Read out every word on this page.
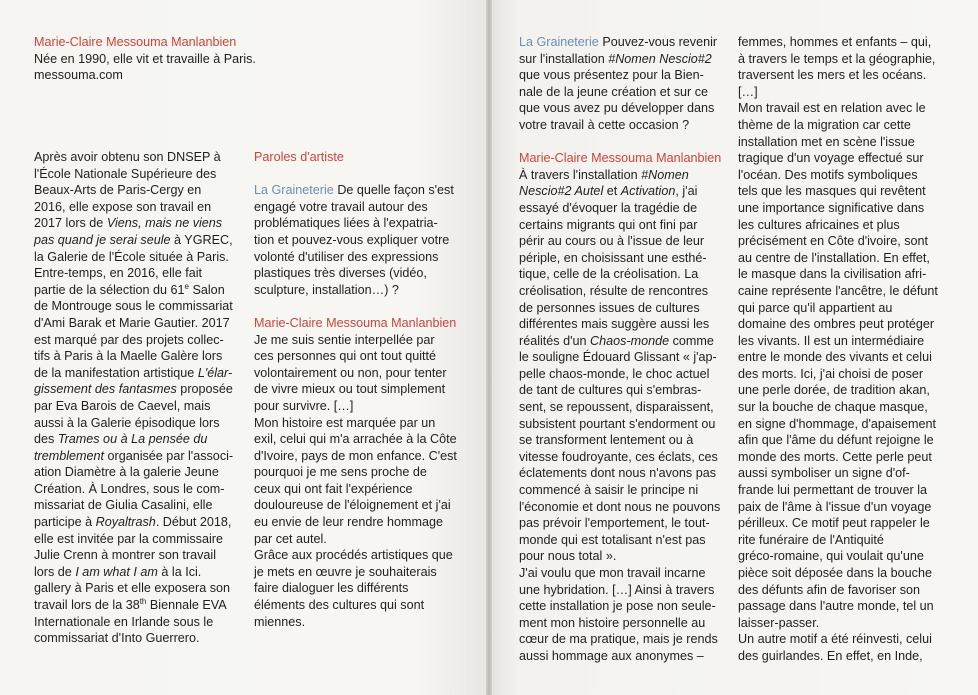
Marie-Claire Messouma Manlanbien

Née en 1990, elle vit et travaille à Paris.

messouma.com

Après avoir obtenu son DNSEP à
l'École Nationale Supérieure des
Beaux-Arts de Paris-Cergy en
2016, elle expose son travail en
2017 lors de Viens, mais ne viens
pas quand je serai seule à YGREC,
la Galerie de l'École située à Paris.
Entre-temps, en 2016, elle fait
partie de la sélection du 61e Salon
de Montrouge sous le commissariat
d'Ami Barak et Marie Gautier. 2017
est marqué par des projets collec-
tifs à Paris à la Maelle Galère lors
de la manifestation artistique L'élar-
gissement des fantasmes proposée
par Eva Barois de Caevel, mais
aussi à la Galerie épisodique lors
des Trames ou à La pensée du
tremblement organisée par l'associ-
ation Diamètre à la galerie Jeune
Création. À Londres, sous le com-
missariat de Giulia Casalini, elle
participe à Royaltrash. Début 2018,
elle est invitée par la commissaire
Julie Crenn à montrer son travail
lors de I am what I am à la Ici.
gallery à Paris et elle exposera son
travail lors de la 38th Biennale EVA
Internationale en Irlande sous le
commissariat d'Into Guerrero.

Paroles d'artiste

La Graineterie De quelle façon s'est
engagé votre travail autour des
problématiques liées à l'expatria-
tion et pouvez-vous expliquer votre
volonté d'utiliser des expressions
plastiques très diverses (vidéo,
sculpture, installation…) ?

Marie-Claire Messouma Manlanbien

Je me suis sentie interpellée par
ces personnes qui ont tout quitté
volontairement ou non, pour tenter
de vivre mieux ou tout simplement
pour survivre. […]
Mon histoire est marquée par un
exil, celui qui m'a arrachée à la Côte
d'Ivoire, pays de mon enfance. C'est
pourquoi je me sens proche de
ceux qui ont fait l'expérience
douloureuse de l'éloignement et j'ai
eu envie de leur rendre hommage
par cet autel.
Grâce aux procédés artistiques que
je mets en œuvre je souhaiterais
faire dialoguer les différents
éléments des cultures qui sont
miennes.
La Graineterie Pouvez-vous revenir
sur l'installation #Nomen Nescio#2
que vous présentez pour la Bien-
nale de la jeune création et sur ce
que vous avez pu développer dans
votre travail à cette occasion ?

Marie-Claire Messouma Manlanbien

À travers l'installation #Nomen
Nescio#2 Autel et Activation, j'ai
essayé d'évoquer la tragédie de
certains migrants qui ont fini par
périr au cours ou à l'issue de leur
périple, en choisissant une esthé-
tique, celle de la créolisation. La
créolisation, résulte de rencontres
de personnes issues de cultures
différentes mais suggère aussi les
réalités d'un Chaos-monde comme
le souligne Édouard Glissant « j'ap-
pelle chaos-monde, le choc actuel
de tant de cultures qui s'embras-
sent, se repoussent, disparaissent,
subsistent pourtant s'endorment ou
se transforment lentement ou à
vitesse foudroyante, ces éclats, ces
éclatements dont nous n'avons pas
commencé à saisir le principe ni
l'économie et dont nous ne pouvons
pas prévoir l'emportement, le tout-
monde qui est totalisant n'est pas
pour nous total ».
J'ai voulu que mon travail incarne
une hybridation. […] Ainsi à travers
cette installation je pose non seule-
ment mon histoire personnelle au
cœur de ma pratique, mais je rends
aussi hommage aux anonymes –
femmes, hommes et enfants – qui,
à travers le temps et la géographie,
traversent les mers et les océans.
[…]
Mon travail est en relation avec le
thème de la migration car cette
installation met en scène l'issue
tragique d'un voyage effectué sur
l'océan. Des motifs symboliques
tels que les masques qui revêtent
une importance significative dans
les cultures africaines et plus
précisément en Côte d'ivoire, sont
au centre de l'installation. En effet,
le masque dans la civilisation afri-
caine représente l'ancêtre, le défunt
qui parce qu'il appartient au
domaine des ombres peut protéger
les vivants. Il est un intermédiaire
entre le monde des vivants et celui
des morts. Ici, j'ai choisi de poser
une perle dorée, de tradition akan,
sur la bouche de chaque masque,
en signe d'hommage, d'apaisement
afin que l'âme du défunt rejoigne le
monde des morts. Cette perle peut
aussi symboliser un signe d'of-
frande lui permettant de trouver la
paix de l'âme à l'issue d'un voyage
périlleux. Ce motif peut rappeler le
rite funéraire de l'Antiquité
gréco-romaine, qui voulait qu'une
pièce soit déposée dans la bouche
des défunts afin de favoriser son
passage dans l'autre monde, tel un
laisser-passer.
Un autre motif a été réinvesti, celui
des guirlandes. En effet, en Inde,
